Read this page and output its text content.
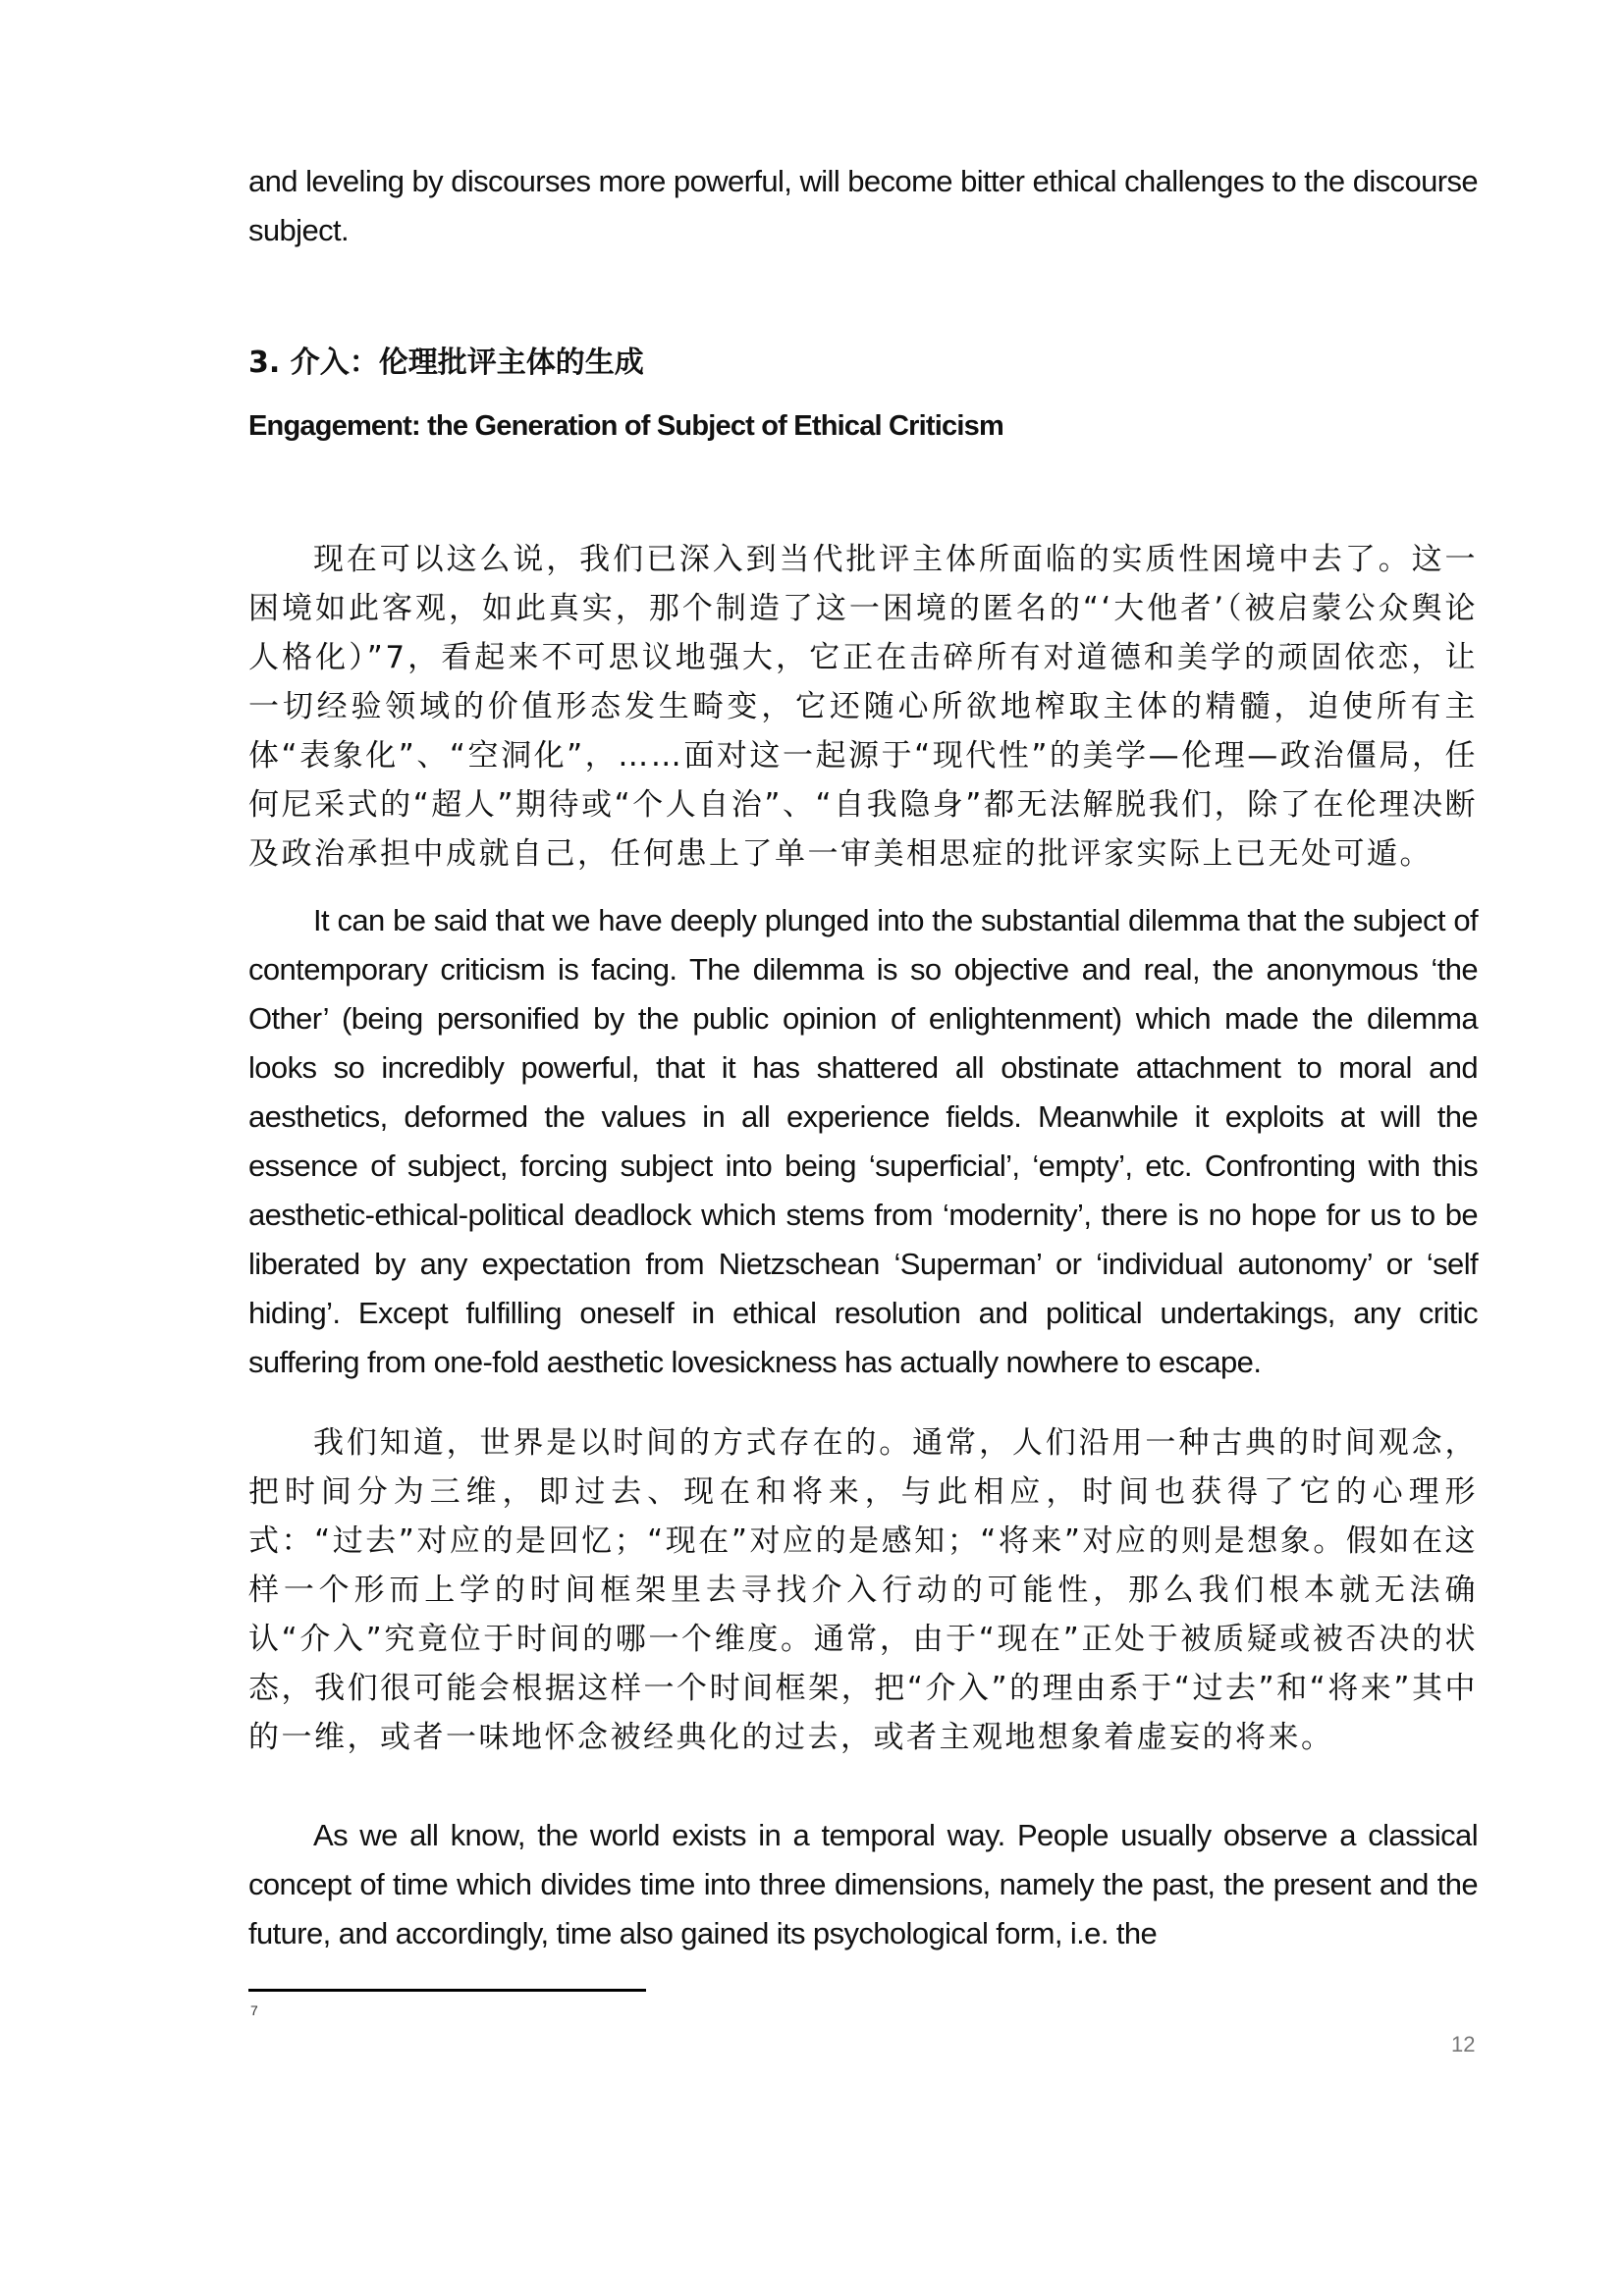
and leveling by discourses more powerful, will become bitter ethical challenges to the discourse subject.

3. 介入：伦理批评主体的生成
Engagement: the Generation of Subject of Ethical Criticism

现在可以这么说，我们已深入到当代批评主体所面临的实质性困境中去了。这一困境如此客观，如此真实，那个制造了这一困境的匿名的“‘大他者’（被启蒙公众舆论人格化）”7，看起来不可思议地强大，它正在击碎所有对道德和美学的顽固依恋，让一切经验领域的价值形态发生畸变，它还随心所欲地榨取主体的精髓，迫使所有主体“表象化”、“空洞化”，……面对这一起源于“现代性”的美学—伦理—政治僵局，任何尼采式的“超人”期待或“个人自治”、“自我隐身”都无法解脱我们，除了在伦理决断及政治承担中成就自己，任何患上了单一审美相思症的批评家实际上已无处可遁。

It can be said that we have deeply plunged into the substantial dilemma that the subject of contemporary criticism is facing. The dilemma is so objective and real, the anonymous ‘the Other’ (being personified by the public opinion of enlightenment) which made the dilemma looks so incredibly powerful, that it has shattered all obstinate attachment to moral and aesthetics, deformed the values in all experience fields. Meanwhile it exploits at will the essence of subject, forcing subject into being ‘superficial’, ‘empty’, etc. Confronting with this aesthetic-ethical-political deadlock which stems from ‘modernity’, there is no hope for us to be liberated by any expectation from Nietzschean ‘Superman’ or ‘individual autonomy’ or ‘self hiding’. Except fulfilling oneself in ethical resolution and political undertakings, any critic suffering from one-fold aesthetic lovesickness has actually nowhere to escape.

我们知道，世界是以时间的方式存在的。通常，人们沿用一种古典的时间观念，把时间分为三维，即过去、现在和将来，与此相应，时间也获得了它的心理形式：“过去”对应的是回忆；“现在”对应的是感知；“将来”对应的则是想象。假如在这样一个形而上学的时间框架里去寻找介入行动的可能性，那么我们根本就无法确认“介入”究竟位于时间的哪一个维度。通常，由于“现在”正处于被质疑或被否决的状态，我们很可能会根据这样一个时间框架，把“介入”的理由系于“过去”和“将来”其中的一维，或者一味地怀念被经典化的过去，或者主观地想象着虚妄的将来。

As we all know, the world exists in a temporal way. People usually observe a classical concept of time which divides time into three dimensions, namely the past, the present and the future, and accordingly, time also gained its psychological form, i.e. the

7
12
